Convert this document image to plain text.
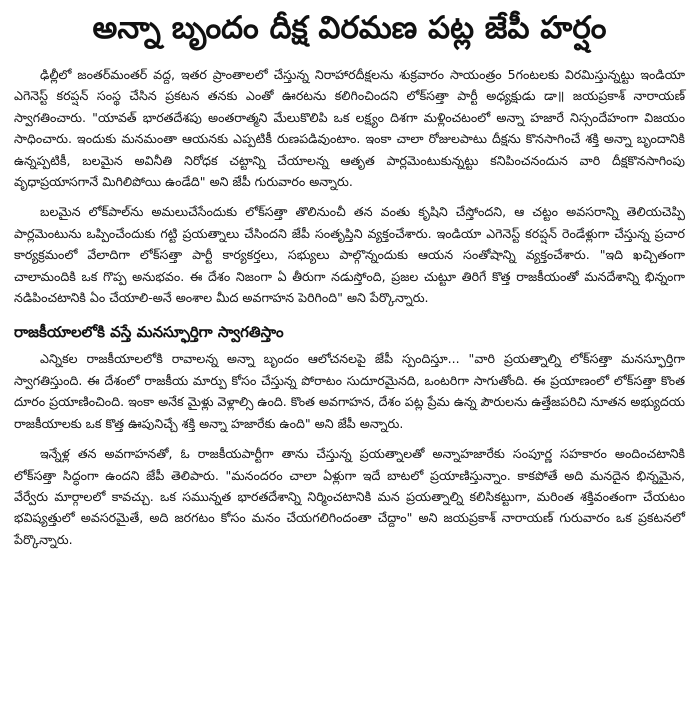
అన్నా బృందం దీక్ష విరమణ పట్ల జేపీ హర్షం

ఢిల్లీలో జంతర్‌మంతర్ వద్ద, ఇతర ప్రాంతాలలో చేస్తున్న నిరాహారదీక్షలను శుక్రవారం సాయంత్రం 5గంటలకు విరమిస్తున్నట్టు ఇండియా ఎగెనెస్ట్ కరప్షన్ సంస్థ చేసిన ప్రకటన తనకు ఎంతో ఊరటను కలిగించిందని లోక్‌సత్తా పార్టీ అధ్యక్షుడు డా॥ జయప్రకాశ్ నారాయణ్ స్వాగతించారు. "యావత్ భారతదేశపు అంతరాత్మని మేలుకొలిపి ఒక లక్ష్యం దిశగా మళ్లించటంలో అన్నా హజారే నిస్సందేహంగా విజయం సాధించారు. ఇందుకు మనమంతా ఆయనకు ఎప్పటికీ రుణపడివుంటాం. ఇంకా చాలా రోజులపాటు దీక్షను కొనసాగించే శక్తి అన్నా బృందానికి ఉన్నప్పటికీ, బలమైన అవినీతి నిరోధక చట్టాన్ని చేయాలన్న ఆతృత పార్లమెంటుకున్నట్టు కనిపించనందున వారి దీక్షకొనసాగింపు వృధాప్రయాసగానే మిగిలిపోయి ఉండేది" అని జేపీ గురువారం అన్నారు.

బలమైన లోక్‌పాల్‌ను అమలుచేసేందుకు లోక్‌సత్తా తొలినుంచీ తన వంతు కృషిని చేస్తోందని, ఆ చట్టం అవసరాన్ని తెలియచెప్పి పార్లమెంటును ఒప్పించేందుకు గట్టి ప్రయత్నాలు చేసిందని జేపీ సంతృప్తిని వ్యక్తంచేశారు. ఇండియా ఎగెనెస్ట్ కరప్షన్ రెండేళ్లుగా చేస్తున్న ప్రచార కార్యక్రమంలో వేలాదిగా లోక్‌సత్తా పార్టీ కార్యకర్తలు, సభ్యులు పాల్గొన్నందుకు ఆయన సంతోషాన్ని వ్యక్తంచేశారు. "ఇది ఖచ్చితంగా చాలామందికి ఒక గొప్ప అనుభవం. ఈ దేశం నిజంగా ఏ తీరుగా నడుస్తోంది, ప్రజల చుట్టూ తిరిగే కొత్త రాజకీయంతో మనదేశాన్ని భిన్నంగా నడిపించటానికి ఏం చేయాలి-అనే అంశాల మీద అవగాహన పెరిగింది" అని పేర్కొన్నారు.

రాజకీయాలలోకి వస్తే మనస్ఫూర్తిగా స్వాగతిస్తాం

ఎన్నికల రాజకీయాలలోకి రావాలన్న అన్నా బృందం ఆలోచనలపై జేపీ స్పందిస్తూ... "వారి ప్రయత్నాల్ని లోక్‌సత్తా మనస్ఫూర్తిగా స్వాగతిస్తుంది. ఈ దేశంలో రాజకీయ మార్పు కోసం చేస్తున్న పోరాటం సుదూరమైనది, ఒంటరిగా సాగుతోంది. ఈ ప్రయాణంలో లోక్‌సత్తా కొంత దూరం ప్రయాణించింది. ఇంకా అనేక మైళ్లు వెళ్లాల్సి ఉంది. కొంత అవగాహన, దేశం పట్ల ప్రేమ ఉన్న పౌరులను ఉత్తేజపరిచి నూతన అభ్యుదయ రాజకీయాలకు ఒక కొత్త ఊపునిచ్చే శక్తి అన్నా హజారేకు ఉంది" అని జేపీ అన్నారు.

ఇన్నేళ్ల తన అవగాహనతో, ఓ రాజకీయపార్టీగా తాను చేస్తున్న ప్రయత్నాలతో అన్నాహజారేకు సంపూర్ణ సహకారం అందించటానికి లోక్‌సత్తా సిద్ధంగా ఉందని జేపీ తెలిపారు. "మనందరం చాలా ఏళ్లుగా ఇదే బాటలో ప్రయాణిస్తున్నాం. కాకపోతే అది మనదైన భిన్నమైన, వేర్వేరు మార్గాలలో కావచ్చు. ఒక సమున్నత భారతదేశాన్ని నిర్మించటానికి మన ప్రయత్నాల్ని కలిసికట్టుగా, మరింత శక్తివంతంగా చేయటం భవిష్యత్తులో అవసరమైతే, అది జరగటం కోసం మనం చేయగలిగిందంతా చేద్దాం" అని జయప్రకాశ్ నారాయణ్ గురువారం ఒక ప్రకటనలో పేర్కొన్నారు.
